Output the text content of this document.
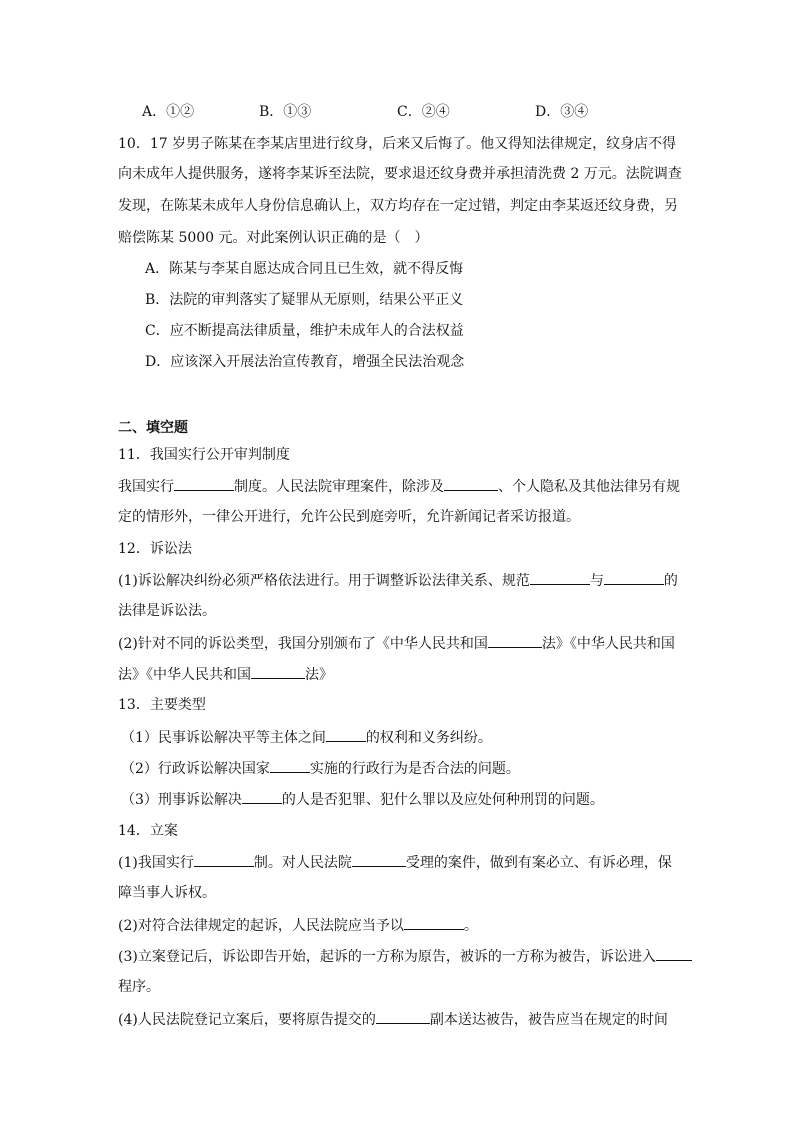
A．①②	B．①③	C．②④	D．③④
10．17 岁男子陈某在李某店里进行纹身，后来又后悔了。他又得知法律规定，纹身店不得
向未成年人提供服务，遂将李某诉至法院，要求退还纹身费并承担清洗费 2 万元。法院调查
发现，在陈某未成年人身份信息确认上，双方均存在一定过错，判定由李某返还纹身费，另
赔偿陈某 5000 元。对此案例认识正确的是（　）
A．陈某与李某自愿达成合同且已生效，就不得反悔
B．法院的审判落实了疑罪从无原则，结果公平正义
C．应不断提高法律质量，维护未成年人的合法权益
D．应该深入开展法治宣传教育，增强全民法治观念
二、填空题
11．我国实行公开审判制度
我国实行	制度。人民法院审理案件，除涉及	、个人隐私及其他法律另有规
定的情形外，一律公开进行，允许公民到庭旁听，允许新闻记者采访报道。
12．诉讼法
(1)诉讼解决纠纷必须严格依法进行。用于调整诉讼法律关系、规范	与	的
法律是诉讼法。
(2)针对不同的诉讼类型，我国分别颁布了《中华人民共和国	法》《中华人民共和国
法》《中华人民共和国	法》
13．主要类型
（1）民事诉讼解决平等主体之间	的权利和义务纠纷。
（2）行政诉讼解决国家	实施的行政行为是否合法的问题。
（3）刑事诉讼解决	的人是否犯罪、犯什么罪以及应处何种刑罚的问题。
14．立案
(1)我国实行	制。对人民法院	受理的案件，做到有案必立、有诉必理，保
障当事人诉权。
(2)对符合法律规定的起诉，人民法院应当予以	。
(3)立案登记后，诉讼即告开始，起诉的一方称为原告，被诉的一方称为被告，诉讼进入
程序。
(4)人民法院登记立案后，要将原告提交的	副本送达被告，被告应当在规定的时间
